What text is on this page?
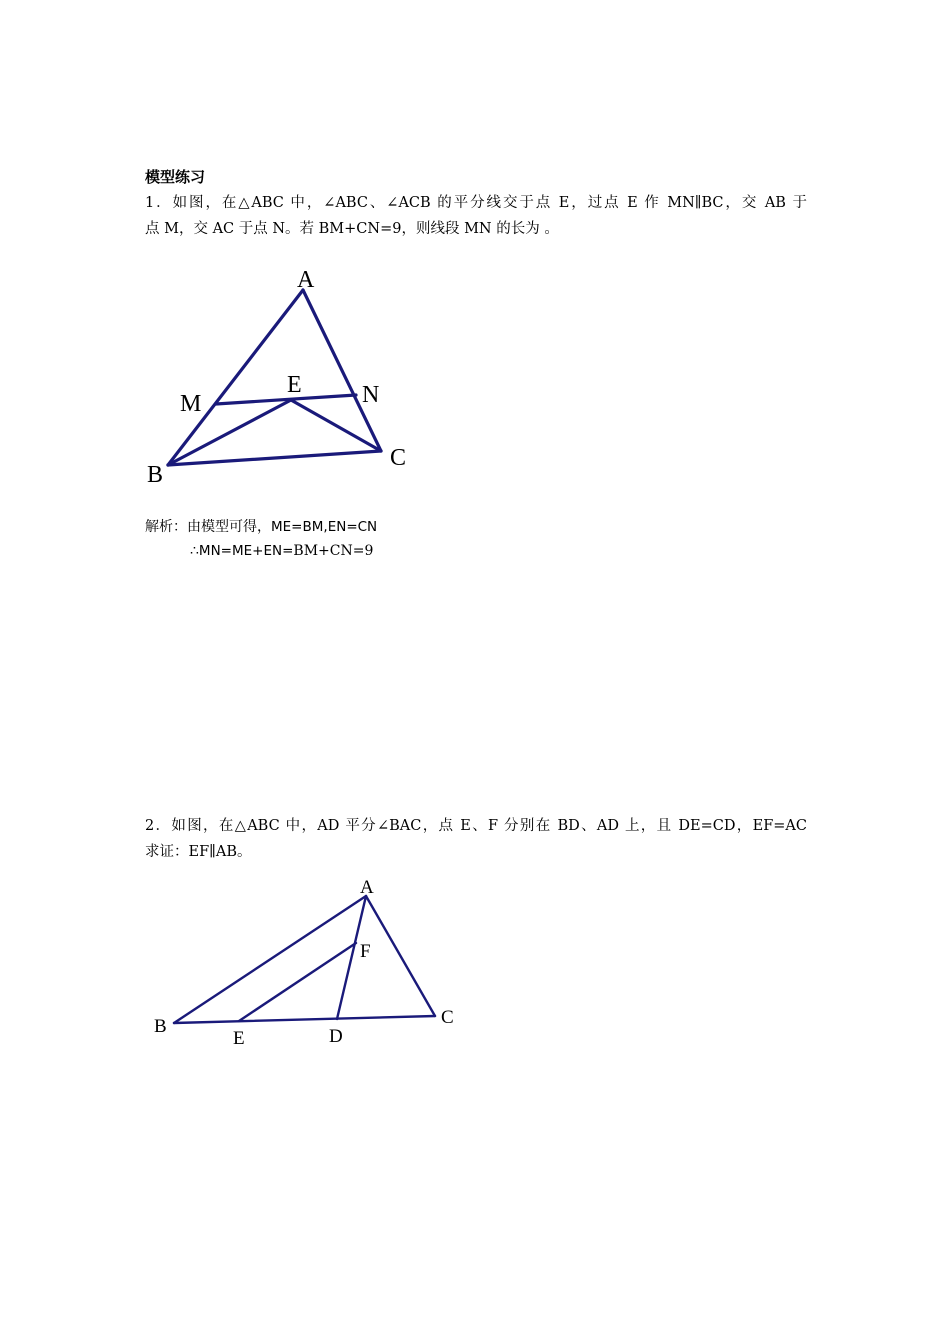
模型练习
1．如图，在△ABC 中，∠ABC、∠ACB 的平分线交于点 E，过点 E 作 MN∥BC，交 AB 于
点 M，交 AC 于点 N。若 BM+CN=9，则线段 MN 的长为 。
A
M
E	N
B
C
A
F
B	C
E	D
解析：由模型可得，ME=BM,EN=CN
∴MN=ME+EN=BM+CN=9
2．如图，在△ABC 中，AD 平分∠BAC，点 E、F 分别在 BD、AD 上，且 DE=CD，EF=AC
求证：EF∥AB。
